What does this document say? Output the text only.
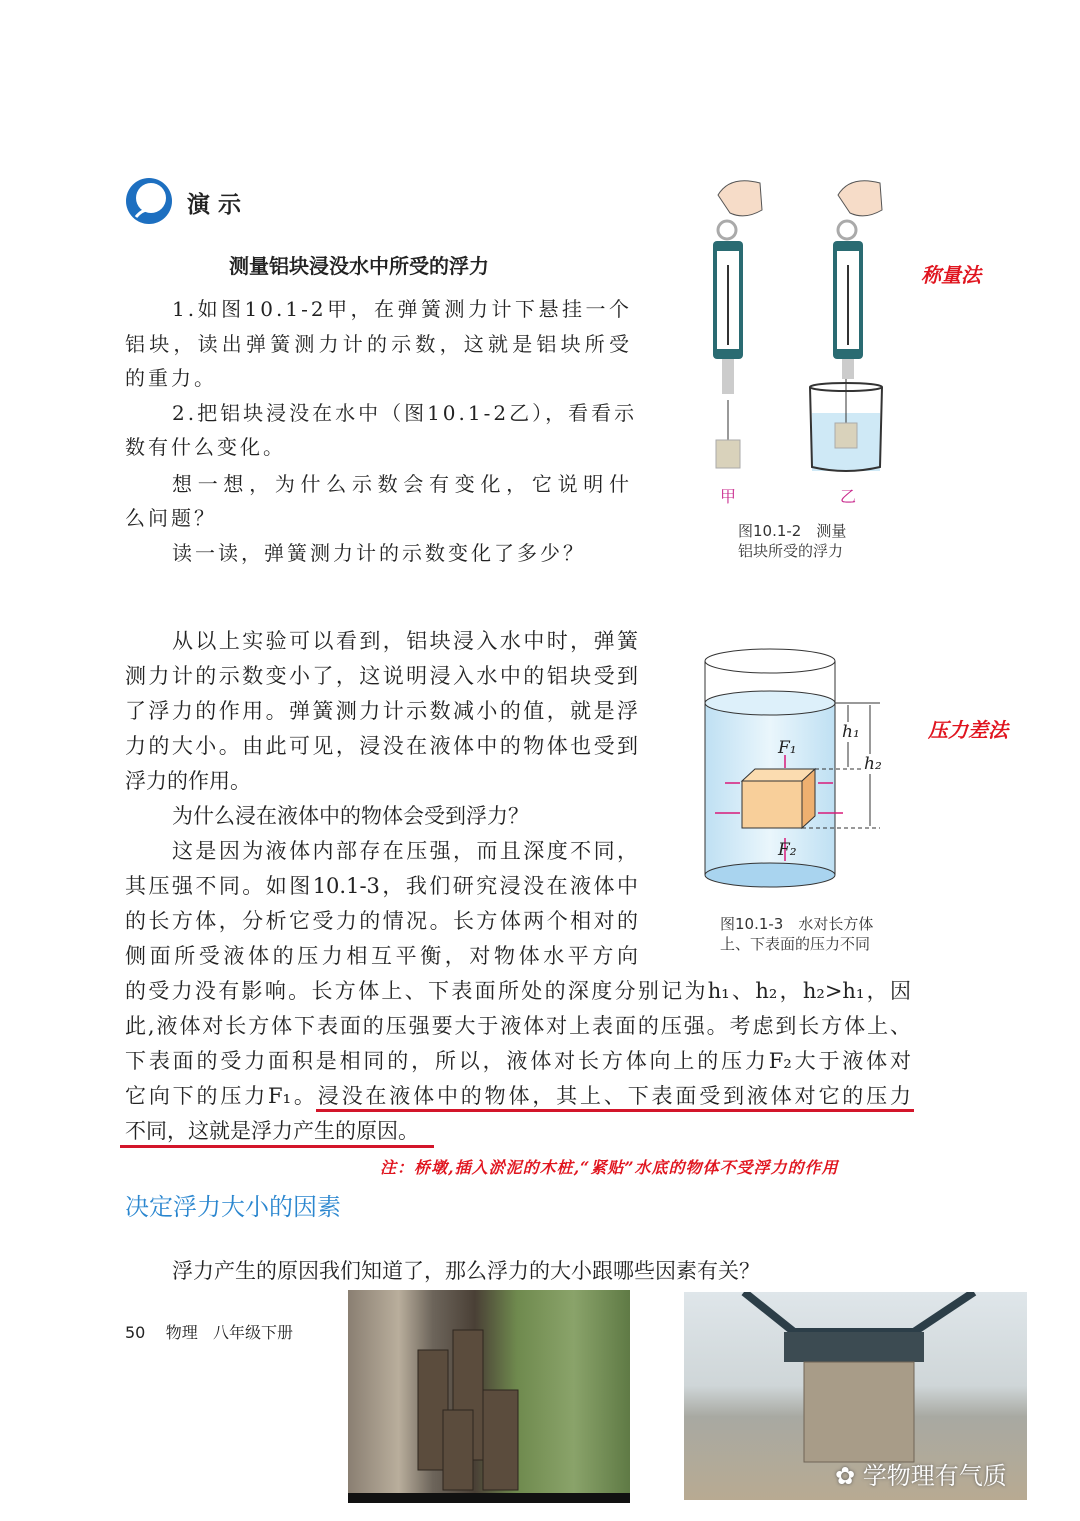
演 示
测量铝块浸没水中所受的浮力
1.如图10.1-2甲，在弹簧测力计下悬挂一个
铝块，读出弹簧测力计的示数，这就是铝块所受
的重力。
2.把铝块浸没在水中（图10.1-2乙），看看示
数有什么变化。
想一想，为什么示数会有变化，它说明什
么问题？
读一读，弹簧测力计的示数变化了多少？
甲	乙
图10.1-2　测量
铝块所受的浮力
称量法
F₁
F₂
h₁
h₂
图10.1-3　水对长方体
上、下表面的压力不同
压力差法
从以上实验可以看到，铝块浸入水中时，弹簧
测力计的示数变小了，这说明浸入水中的铝块受到
了浮力的作用。弹簧测力计示数减小的值，就是浮
力的大小。由此可见，浸没在液体中的物体也受到
浮力的作用。
为什么浸在液体中的物体会受到浮力？
这是因为液体内部存在压强，而且深度不同，
其压强不同。如图10.1-3，我们研究浸没在液体中
的长方体，分析它受力的情况。长方体两个相对的
侧面所受液体的压力相互平衡，对物体水平方向
的受力没有影响。长方体上、下表面所处的深度分别记为h₁、h₂，h₂>h₁，因
此,液体对长方体下表面的压强要大于液体对上表面的压强。考虑到长方体上、
下表面的受力面积是相同的，所以，液体对长方体向上的压力F₂大于液体对
它向下的压力F₁。浸没在液体中的物体，其上、下表面受到液体对它的压力
不同，这就是浮力产生的原因。
注：桥墩,插入淤泥的木桩,“紧贴”水底的物体不受浮力的作用
决定浮力大小的因素
浮力产生的原因我们知道了，那么浮力的大小跟哪些因素有关？
50 物理 八年级下册
✿ 学物理有气质
